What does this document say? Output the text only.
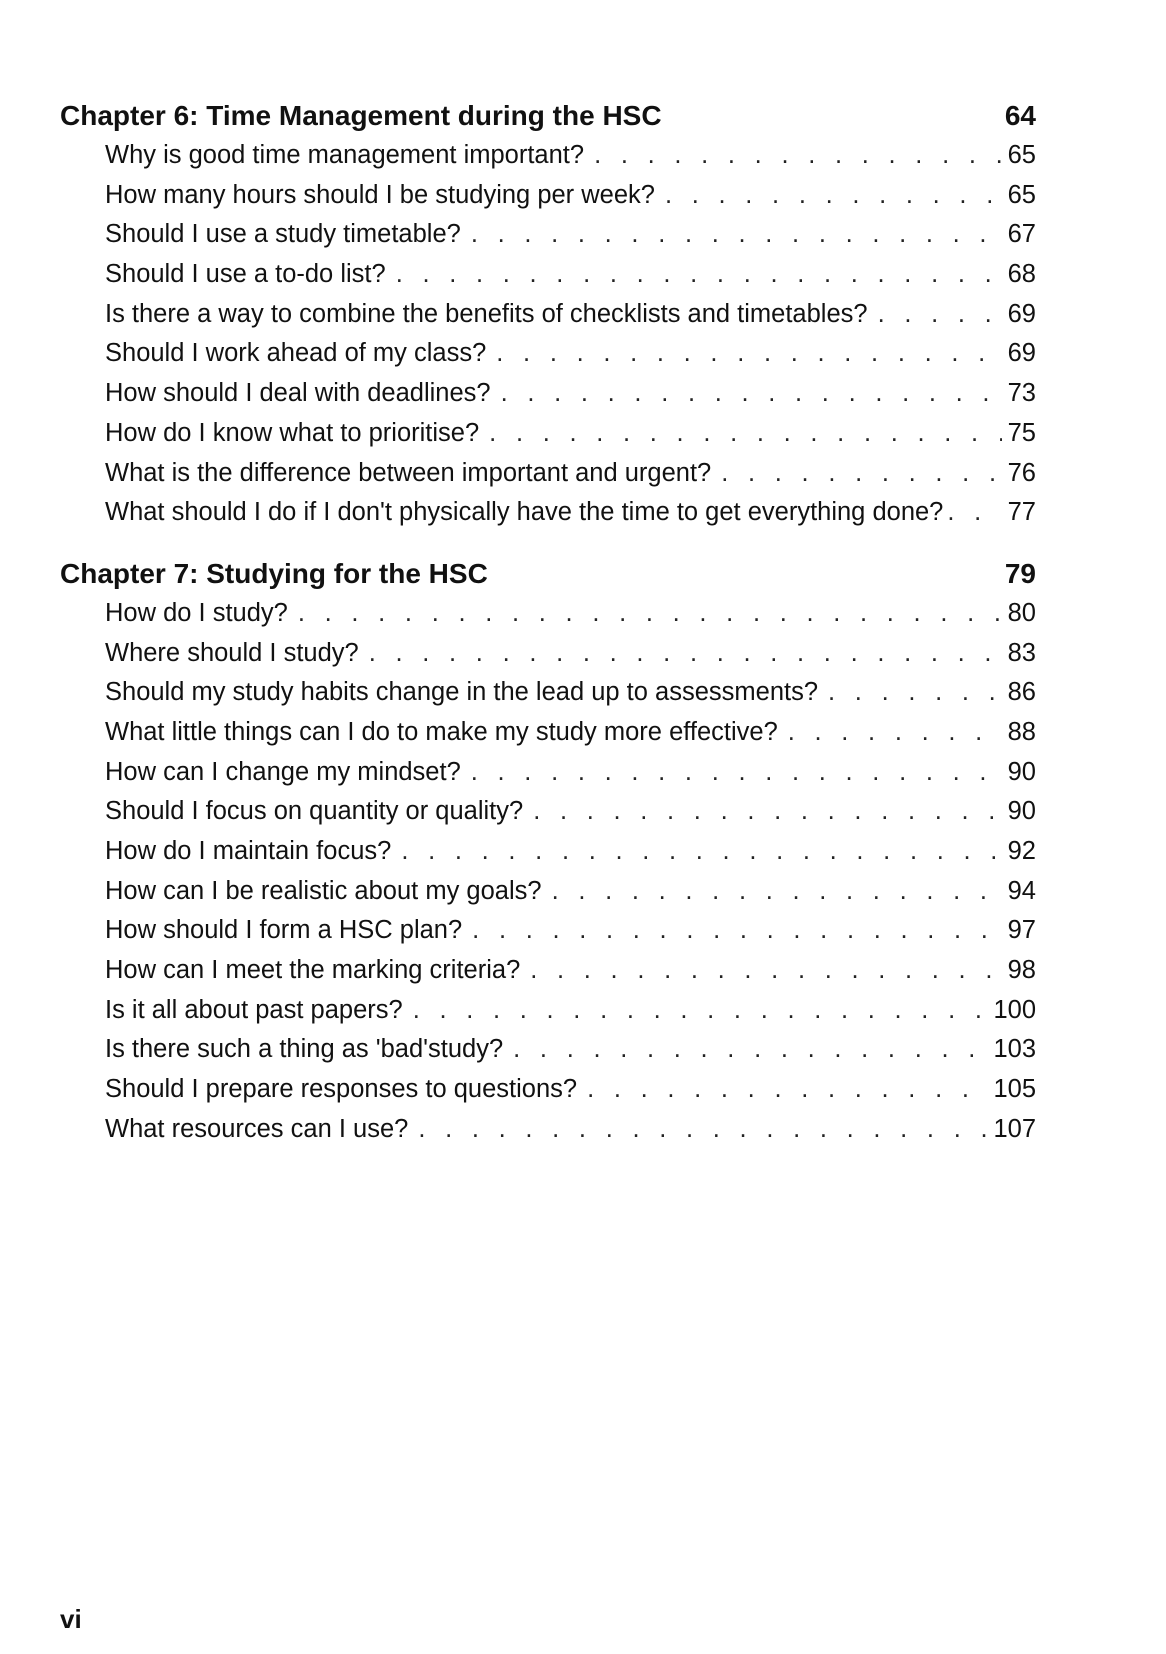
Chapter 6: Time Management during the HSC	64
Why is good time management important? . . .	65
How many hours should I be studying per week? . . .	65
Should I use a study timetable? . . .	67
Should I use a to-do list? . . .	68
Is there a way to combine the benefits of checklists and timetables? . . .	69
Should I work ahead of my class? . . .	69
How should I deal with deadlines? . . .	73
How do I know what to prioritise? . . .	75
What is the difference between important and urgent? . . .	76
What should I do if I don't physically have the time to get everything done? . . .	77
Chapter 7: Studying for the HSC	79
How do I study? . . .	80
Where should I study? . . .	83
Should my study habits change in the lead up to assessments? . . .	86
What little things can I do to make my study more effective? . . .	88
How can I change my mindset? . . .	90
Should I focus on quantity or quality? . . .	90
How do I maintain focus? . . .	92
How can I be realistic about my goals? . . .	94
How should I form a HSC plan? . . .	97
How can I meet the marking criteria? . . .	98
Is it all about past papers? . . .	100
Is there such a thing as 'bad'study? . . .	103
Should I prepare responses to questions? . . .	105
What resources can I use? . . .	107
vi
